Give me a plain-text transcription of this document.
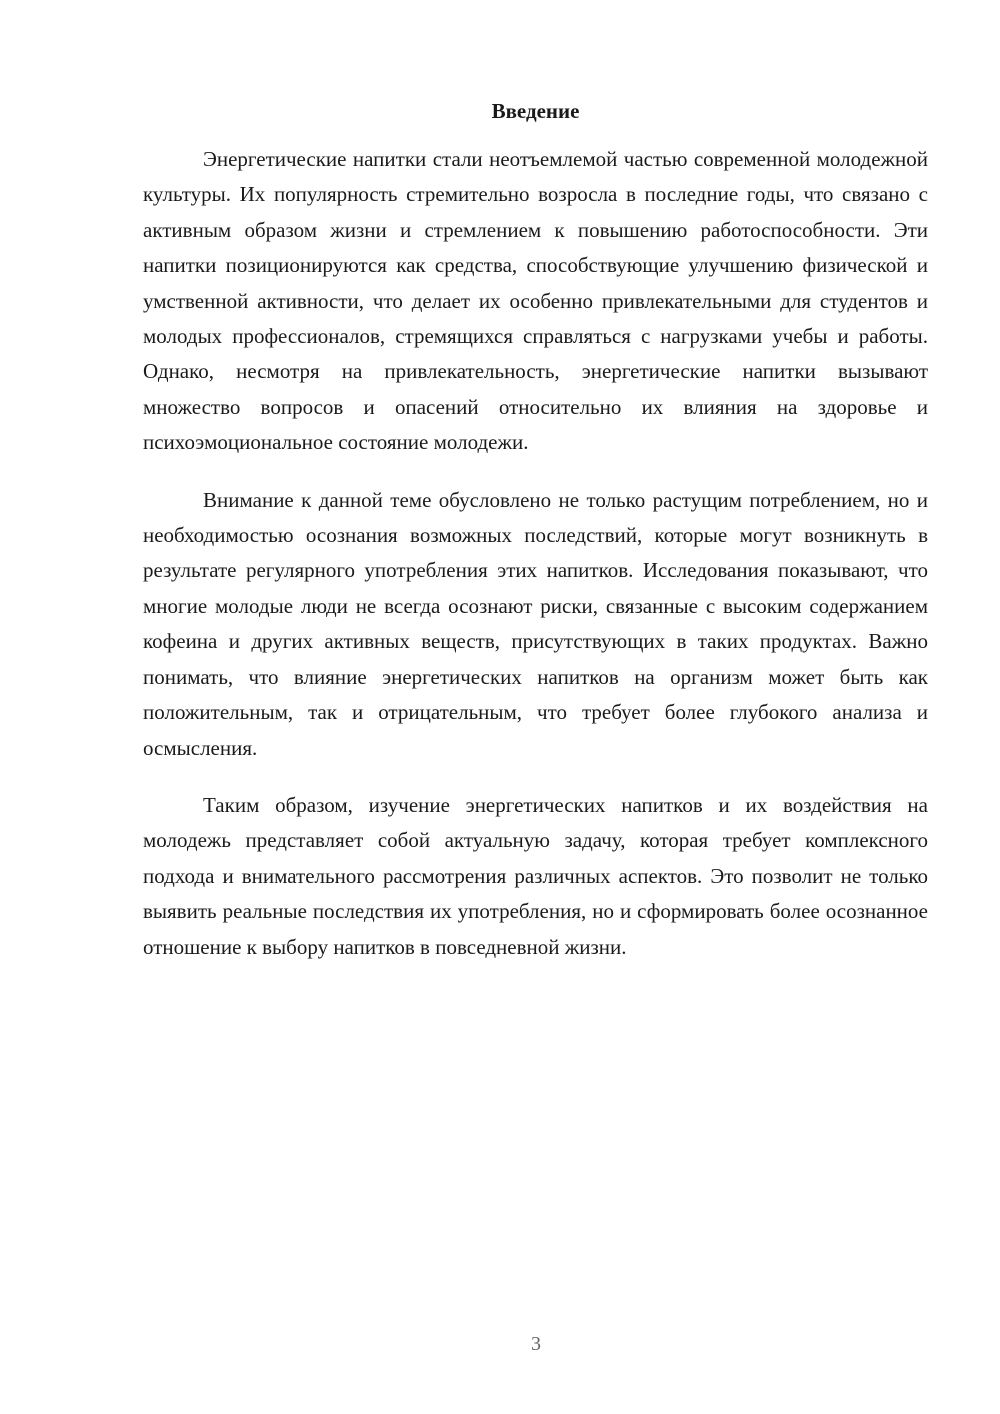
Введение

Энергетические напитки стали неотъемлемой частью современной молодежной культуры. Их популярность стремительно возросла в последние годы, что связано с активным образом жизни и стремлением к повышению работоспособности. Эти напитки позиционируются как средства, способствующие улучшению физической и умственной активности, что делает их особенно привлекательными для студентов и молодых профессионалов, стремящихся справляться с нагрузками учебы и работы. Однако, несмотря на привлекательность, энергетические напитки вызывают множество вопросов и опасений относительно их влияния на здоровье и психоэмоциональное состояние молодежи.

Внимание к данной теме обусловлено не только растущим потреблением, но и необходимостью осознания возможных последствий, которые могут возникнуть в результате регулярного употребления этих напитков. Исследования показывают, что многие молодые люди не всегда осознают риски, связанные с высоким содержанием кофеина и других активных веществ, присутствующих в таких продуктах. Важно понимать, что влияние энергетических напитков на организм может быть как положительным, так и отрицательным, что требует более глубокого анализа и осмысления.

Таким образом, изучение энергетических напитков и их воздействия на молодежь представляет собой актуальную задачу, которая требует комплексного подхода и внимательного рассмотрения различных аспектов. Это позволит не только выявить реальные последствия их употребления, но и сформировать более осознанное отношение к выбору напитков в повседневной жизни.

3
